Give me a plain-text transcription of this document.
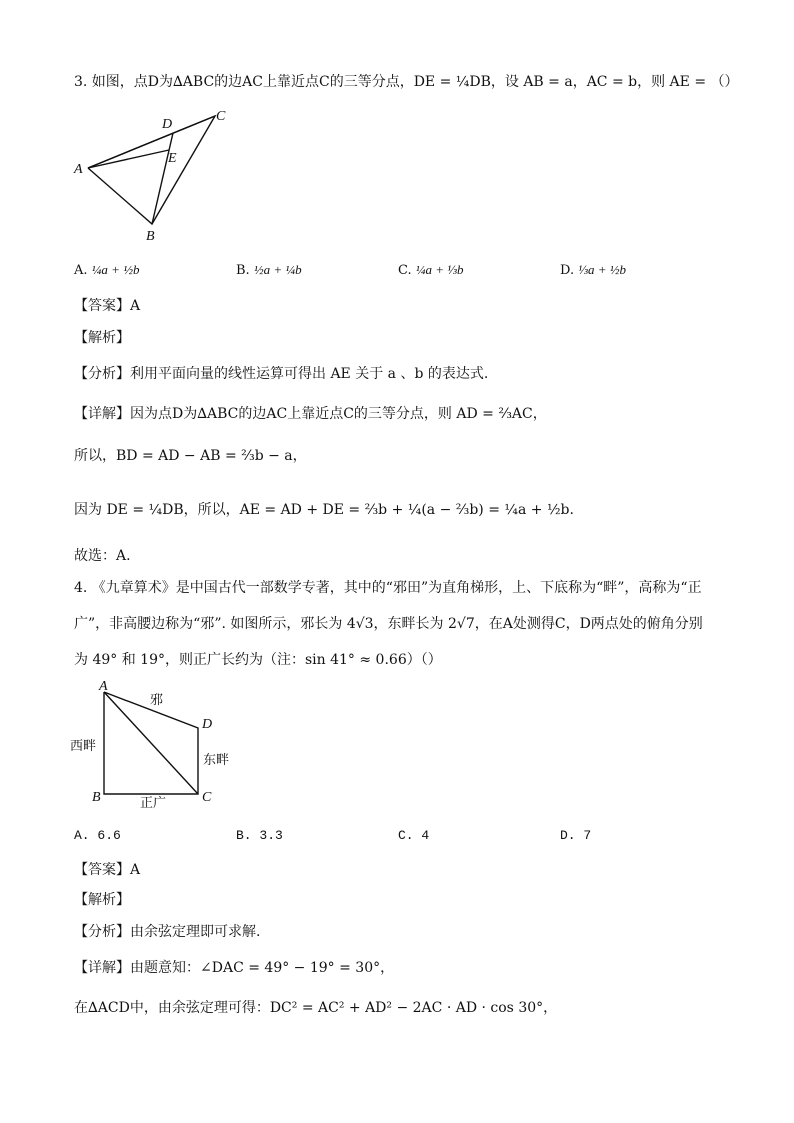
3. 如图，点D为∆ABC的边AC上靠近点C的三等分点，DE = ¼DB，设 AB = a，AC = b，则 AE = （）
A
C
D
E
B
A. ¼a + ½b	B. ½a + ¼b	C. ¼a + ⅓b	D. ⅓a + ½b
【答案】A
【解析】
【分析】利用平面向量的线性运算可得出 AE 关于 a 、b 的表达式.
【详解】因为点D为∆ABC的边AC上靠近点C的三等分点，则 AD = ⅔AC，
所以，BD = AD − AB = ⅔b − a，
因为 DE = ¼DB，所以，AE = AD + DE = ⅔b + ¼(a − ⅔b) = ¼a + ½b.
故选：A.
4. 《九章算术》是中国古代一部数学专著，其中的“邪田”为直角梯形，上、下底称为“畔”，高称为“正
广”，非高腰边称为“邪”. 如图所示，邪长为 4√3，东畔长为 2√7，在A处测得C，D两点处的俯角分别
为 49° 和 19°，则正广长约为（注：sin 41° ≈ 0.66）（）
A
D
B	C
邪
东畔
西畔
正广
A. 6.6	B. 3.3	C. 4	D. 7
【答案】A
【解析】
【分析】由余弦定理即可求解.
【详解】由题意知：∠DAC = 49° − 19° = 30°，
在∆ACD中，由余弦定理可得：DC² = AC² + AD² − 2AC · AD · cos 30°，
